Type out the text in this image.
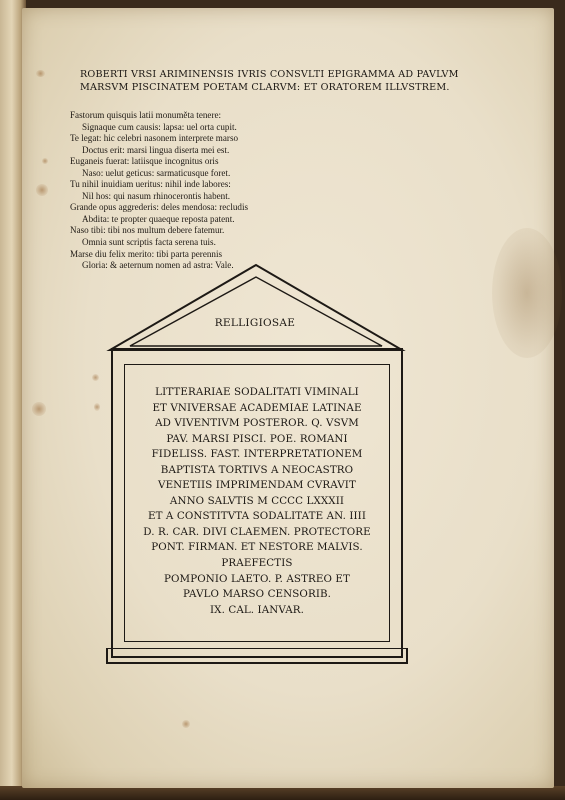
ROBERTI VRSI ARIMINENSIS IVRIS CONSVLTI EPIGRAMMA AD PAVLVM
MARSVM PISCINATEM POETAM CLARVM: ET ORATOREM ILLVSTREM.
Fastorum quisquis latii monuměta tenere:
Signaque cum causis: lapsa: uel orta cupit.
Te legat: hic celebri nasonem interprete marso
Doctus erit: marsi lingua diserta mei est.
Euganeis fuerat: latiisque incognitus oris
Naso: uelut geticus: sarmaticusque foret.
Tu nihil inuidiam ueritus: nihil inde labores:
Nil hos: qui nasum rhinocerontis habent.
Grande opus aggrederis: deles mendosa: recludis
Abdita: te propter quaeque reposta patent.
Naso tibi: tibi nos multum debere fatemur.
Omnia sunt scriptis facta serena tuis.
Marse diu felix merito: tibi parta perennis
Gloria: & aeternum nomen ad astra: Vale.
RELLIGIOSAE
LITTERARIAE SODALITATI VIMINALI
ET VNIVERSAE ACADEMIAE LATINAE
AD VIVENTIVM POSTEROR. Q. VSVM
PAV. MARSI PISCI. POE. ROMANI
FIDELISS. FAST. INTERPRETATIONEM
BAPTISTA TORTIVS A NEOCASTRO
VENETIIS IMPRIMENDAM CVRAVIT
ANNO SALVTIS M CCCC LXXXII
ET A CONSTITVTA SODALITATE AN. IIII
D. R. CAR. DIVI CLAEMEN. PROTECTORE
PONT. FIRMAN. ET NESTORE MALVIS.
PRAEFECTIS
POMPONIO LAETO. P. ASTREO ET
PAVLO MARSO CENSORIB.
IX. CAL. IANVAR.
